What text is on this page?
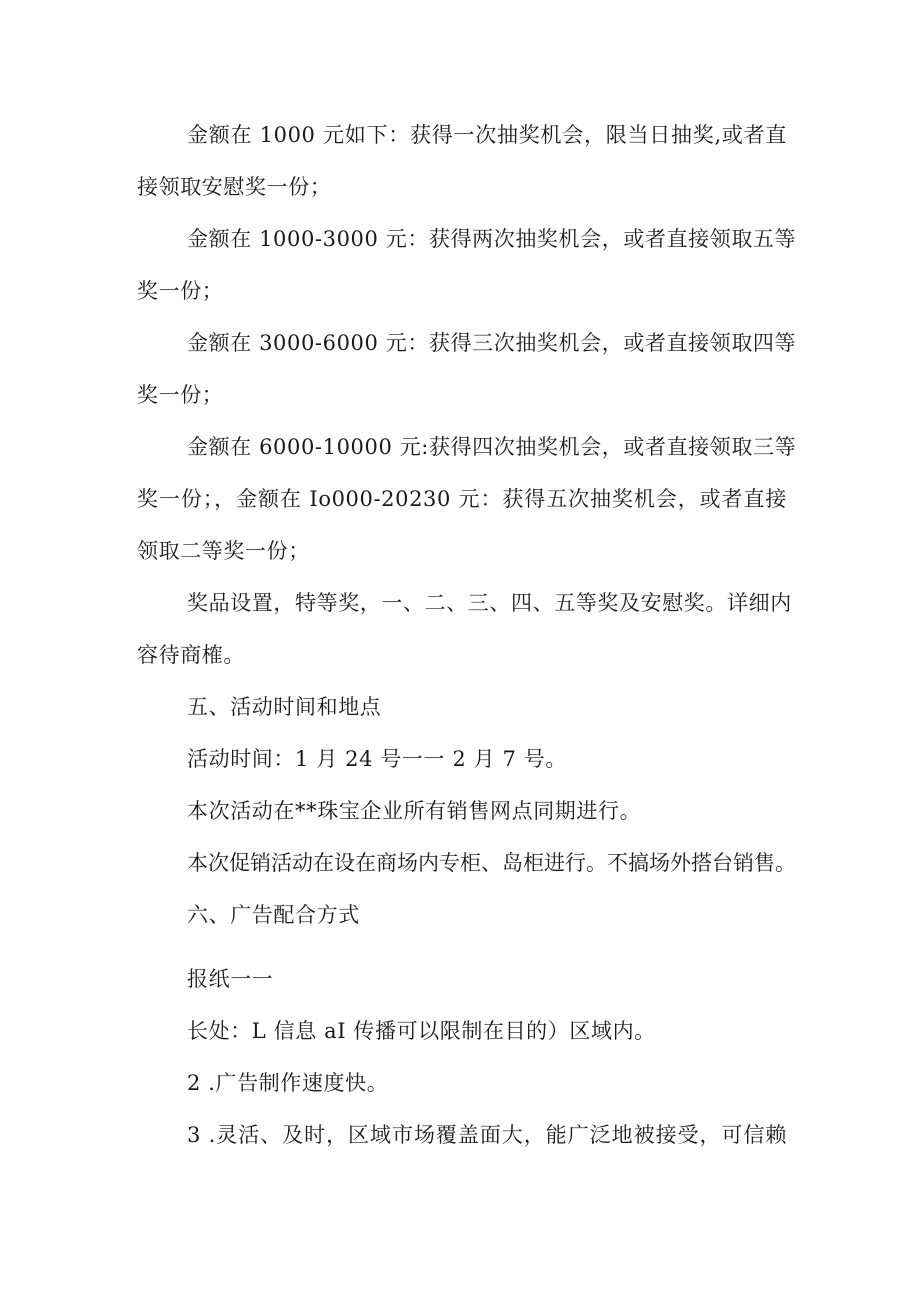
金额在 1000 元如下：获得一次抽奖机会，限当日抽奖,或者直
接领取安慰奖一份；
金额在 1000-3000 元：获得两次抽奖机会，或者直接领取五等
奖一份；
金额在 3000-6000 元：获得三次抽奖机会，或者直接领取四等
奖一份；
金额在 6000-10000 元:获得四次抽奖机会，或者直接领取三等
奖一份；，金额在 Io000-20230 元：获得五次抽奖机会，或者直接
领取二等奖一份；
奖品设置，特等奖，一、二、三、四、五等奖及安慰奖。详细内
容待商榷。
五、活动时间和地点
活动时间：1 月 24 号一一 2 月 7 号。
本次活动在**珠宝企业所有销售网点同期进行。
本次促销活动在设在商场内专柜、岛柜进行。不搞场外搭台销售。
六、广告配合方式
报纸一一
长处：L 信息 aI 传播可以限制在目的）区域内。
2 .广告制作速度快。
3 .灵活、及时，区域市场覆盖面大，能广泛地被接受，可信赖
